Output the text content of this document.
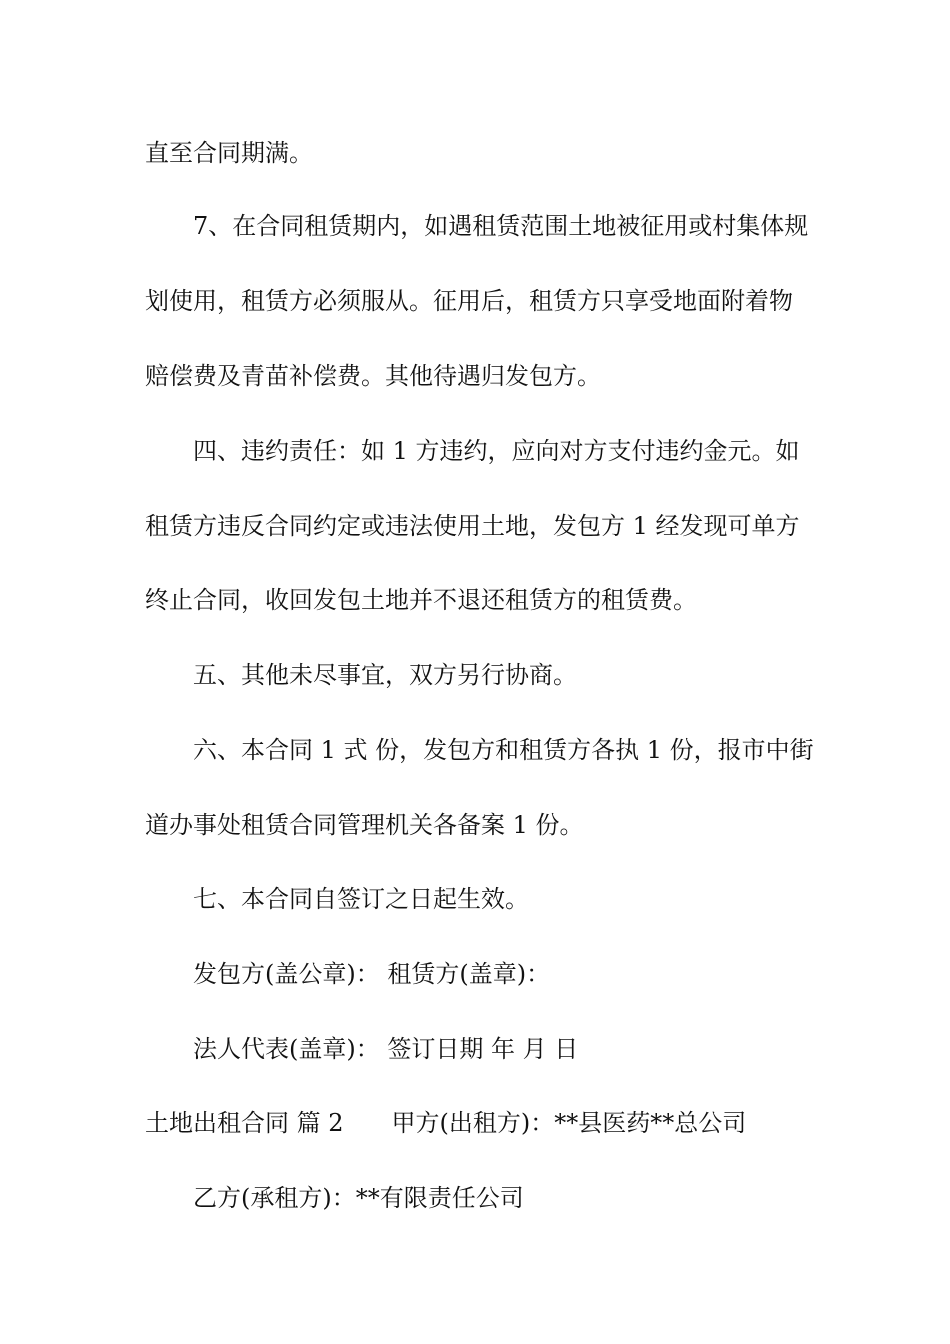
直至合同期满。
7、在合同租赁期内，如遇租赁范围土地被征用或村集体规
划使用，租赁方必须服从。征用后，租赁方只享受地面附着物
赔偿费及青苗补偿费。其他待遇归发包方。
四、违约责任：如 1 方违约，应向对方支付违约金元。如
租赁方违反合同约定或违法使用土地，发包方 1 经发现可单方
终止合同，收回发包土地并不退还租赁方的租赁费。
五、其他未尽事宜，双方另行协商。
六、本合同 1 式 份，发包方和租赁方各执 1 份，报市中街
道办事处租赁合同管理机关各备案 1 份。
七、本合同自签订之日起生效。
发包方(盖公章)： 租赁方(盖章)：
法人代表(盖章)： 签订日期 年 月 日
土地出租合同 篇 2 甲方(出租方)：**县医药**总公司
乙方(承租方)：**有限责任公司
